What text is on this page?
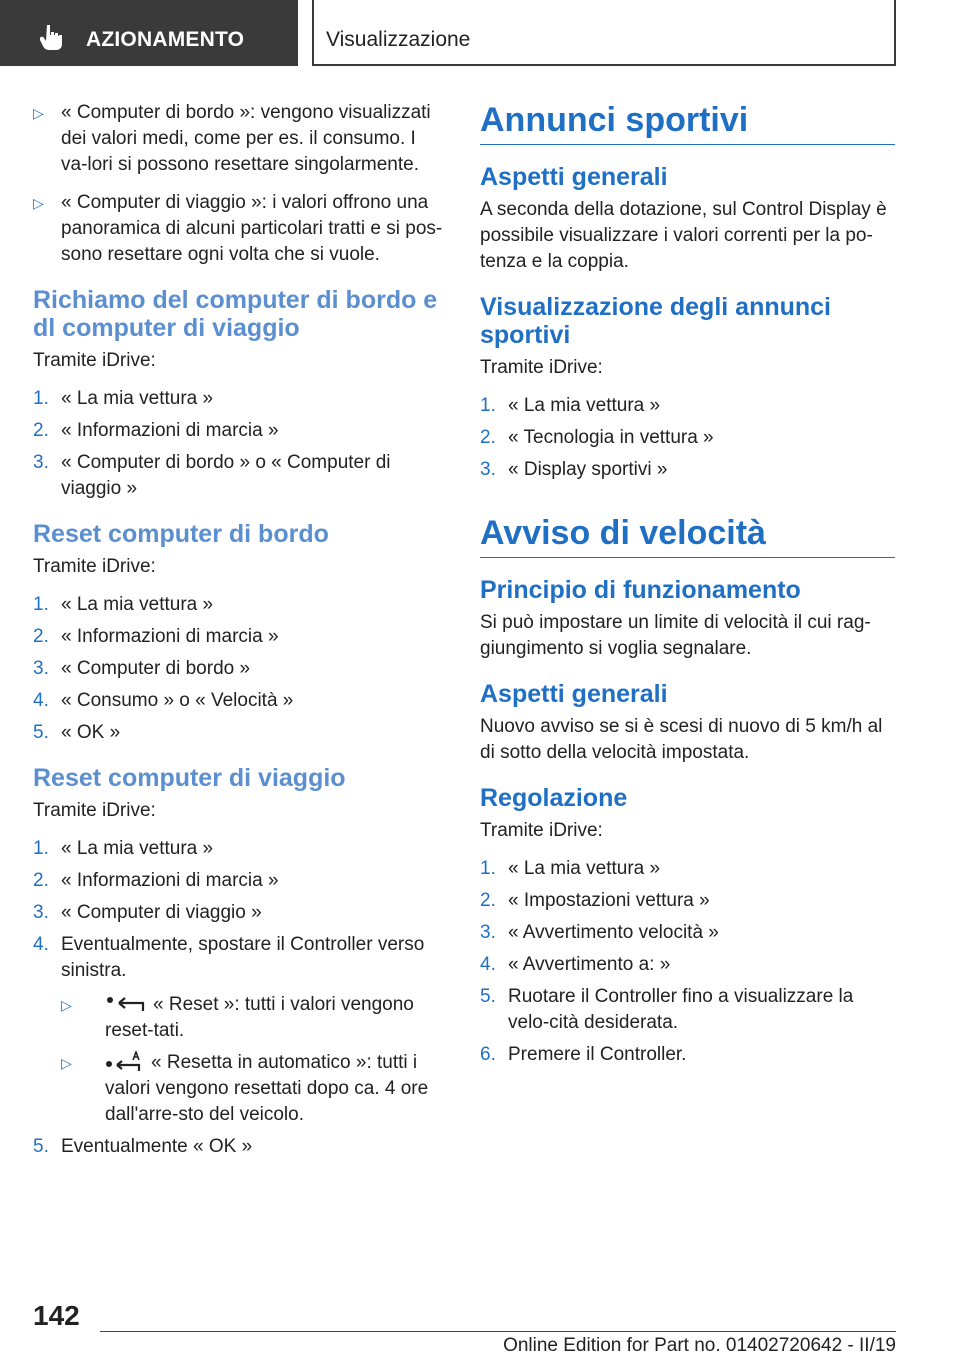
AZIONAMENTO	Visualizzazione
▷ « Computer di bordo »: vengono visualizzati dei valori medi, come per es. il consumo. I va-lori si possono resettare singolarmente.
▷ « Computer di viaggio »: i valori offrono una panoramica di alcuni particolari tratti e si pos-sono resettare ogni volta che si vuole.
Richiamo del computer di bordo e dl computer di viaggio

Tramite iDrive:

1. « La mia vettura »
2. « Informazioni di marcia »
3. « Computer di bordo » o « Computer di viaggio »
Reset computer di bordo

Tramite iDrive:

1. « La mia vettura »
2. « Informazioni di marcia »
3. « Computer di bordo »
4. « Consumo » o « Velocità »
5. « OK »
Reset computer di viaggio

Tramite iDrive:

1. « La mia vettura »
2. « Informazioni di marcia »
3. « Computer di viaggio »
4. Eventualmente, spostare il Controller verso sinistra.
▷	« Reset »: tutti i valori vengono reset-tati.
▷	« Resetta in automatico »: tutti i valori vengono resettati dopo ca. 4 ore dall'arre-sto del veicolo.
5. Eventualmente « OK »
Annunci sportivi
Aspetti generali

A seconda della dotazione, sul Control Display è possibile visualizzare i valori correnti per la po-tenza e la coppia.

Visualizzazione degli annunci sportivi

Tramite iDrive:

1. « La mia vettura »
2. « Tecnologia in vettura »
3. « Display sportivi »
Avviso di velocità
Principio di funzionamento

Si può impostare un limite di velocità il cui rag-giungimento si voglia segnalare.

Aspetti generali

Nuovo avviso se si è scesi di nuovo di 5 km/h al di sotto della velocità impostata.

Regolazione

Tramite iDrive:

1. « La mia vettura »
2. « Impostazioni vettura »
3. « Avvertimento velocità »
4. « Avvertimento a: »
5. Ruotare il Controller fino a visualizzare la velo-cità desiderata.
6. Premere il Controller.
142
Online Edition for Part no. 01402720642 - II/19
